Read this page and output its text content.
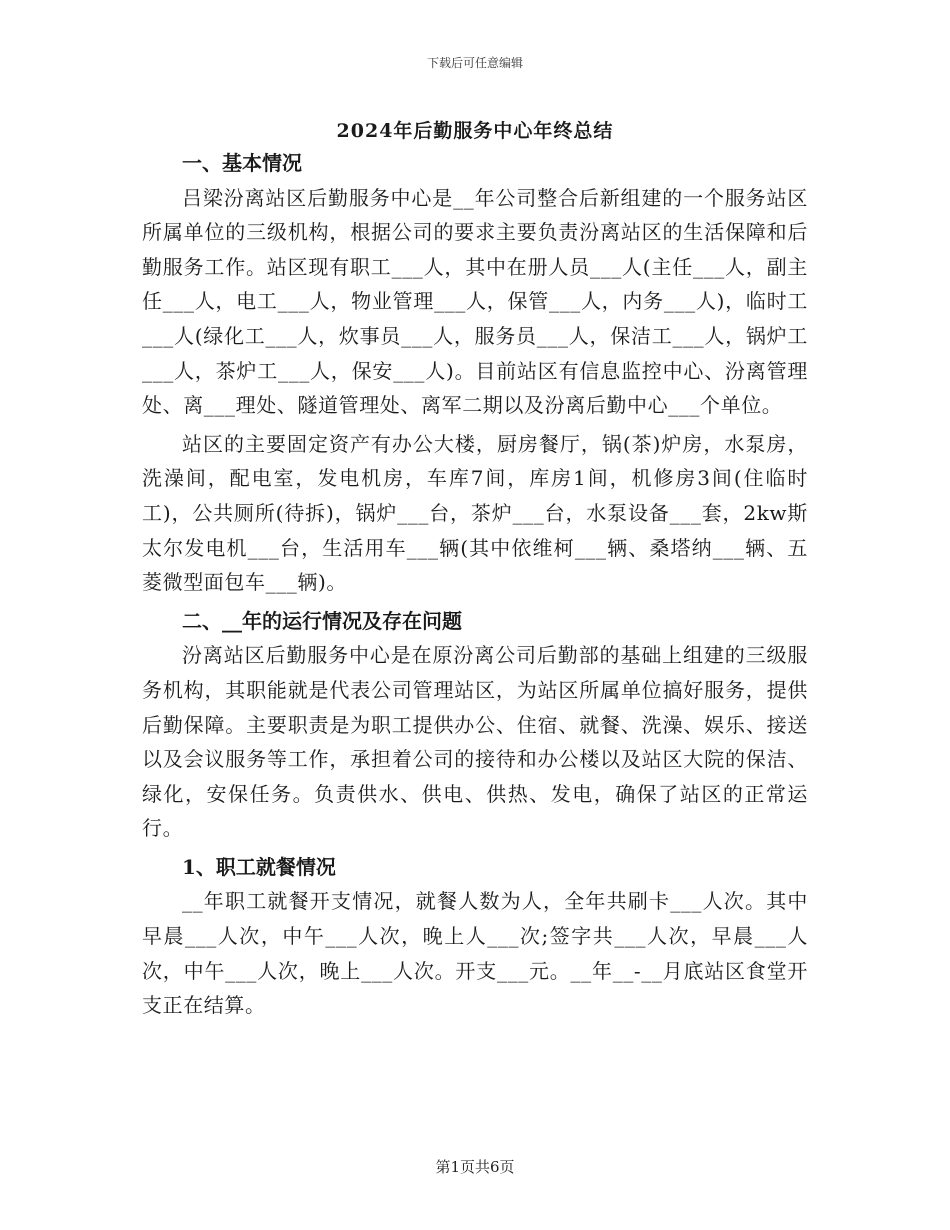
下载后可任意编辑
2024年后勤服务中心年终总结
一、基本情况

吕梁汾离站区后勤服务中心是__年公司整合后新组建的一个服务站区所属单位的三级机构，根据公司的要求主要负责汾离站区的生活保障和后勤服务工作。站区现有职工___人，其中在册人员___人(主任___人，副主任___人，电工___人，物业管理___人，保管___人，内务___人)，临时工___人(绿化工___人，炊事员___人，服务员___人，保洁工___人，锅炉工___人，茶炉工___人，保安___人)。目前站区有信息监控中心、汾离管理处、离___理处、隧道管理处、离军二期以及汾离后勤中心___个单位。

站区的主要固定资产有办公大楼，厨房餐厅，锅(茶)炉房，水泵房，洗澡间，配电室，发电机房，车库7间，库房1间，机修房3间(住临时工)，公共厕所(待拆)，锅炉___台，茶炉___台，水泵设备___套，2kw斯太尔发电机___台，生活用车___辆(其中依维柯___辆、桑塔纳___辆、五菱微型面包车___辆)。

二、__年的运行情况及存在问题

汾离站区后勤服务中心是在原汾离公司后勤部的基础上组建的三级服务机构，其职能就是代表公司管理站区，为站区所属单位搞好服务，提供后勤保障。主要职责是为职工提供办公、住宿、就餐、洗澡、娱乐、接送以及会议服务等工作，承担着公司的接待和办公楼以及站区大院的保洁、绿化，安保任务。负责供水、供电、供热、发电，确保了站区的正常运行。

1、职工就餐情况

__年职工就餐开支情况，就餐人数为人，全年共刷卡___人次。其中早晨___人次，中午___人次，晚上人___次;签字共___人次，早晨___人次，中午___人次，晚上___人次。开支___元。__年__-__月底站区食堂开支正在结算。

第1页共6页
